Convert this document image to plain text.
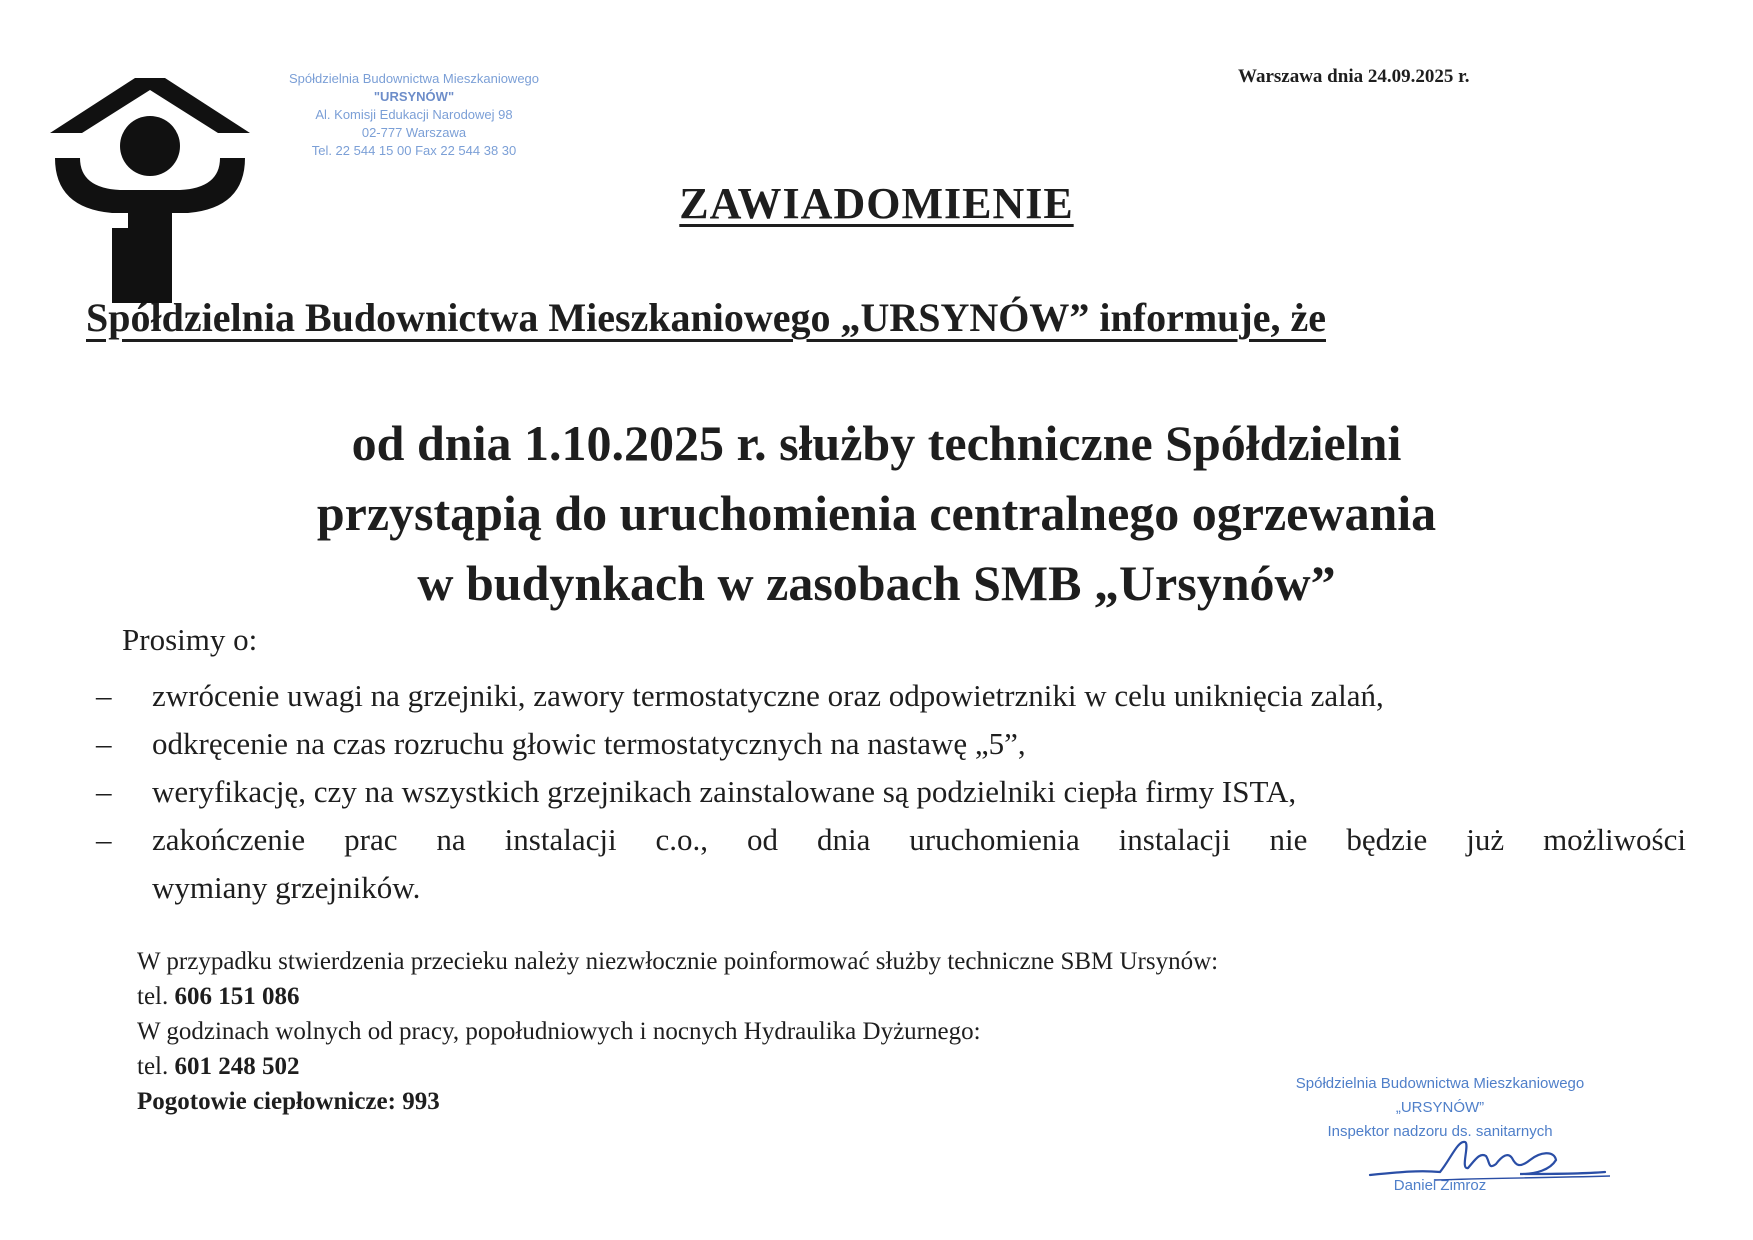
Spółdzielnia Budownictwa Mieszkaniowego
"URSYNÓW"
Al. Komisji Edukacji Narodowej 98
02-777 Warszawa
Tel. 22 544 15 00 Fax 22 544 38 30
Warszawa dnia 24.09.2025 r.
ZAWIADOMIENIE
Spółdzielnia Budownictwa Mieszkaniowego „URSYNÓW” informuje, że
od dnia 1.10.2025 r. służby techniczne Spółdzielni
przystąpią do uruchomienia centralnego ogrzewania
w budynkach w zasobach SMB „Ursynów”
Prosimy o:
– zwrócenie uwagi na grzejniki, zawory termostatyczne oraz odpowietrzniki w celu uniknięcia zalań,
– odkręcenie na czas rozruchu głowic termostatycznych na nastawę „5”,
– weryfikację, czy na wszystkich grzejnikach zainstalowane są podzielniki ciepła firmy ISTA,
– zakończenie prac na instalacji c.o., od dnia uruchomienia instalacji nie będzie już możliwości
wymiany grzejników.
W przypadku stwierdzenia przecieku należy niezwłocznie poinformować służby techniczne SBM Ursynów:
tel. 606 151 086
W godzinach wolnych od pracy, popołudniowych i nocnych Hydraulika Dyżurnego:
tel. 601 248 502
Pogotowie ciepłownicze: 993
Spółdzielnia Budownictwa Mieszkaniowego
„URSYNÓW”
Inspektor nadzoru ds. sanitarnych
Daniel Zimroz
